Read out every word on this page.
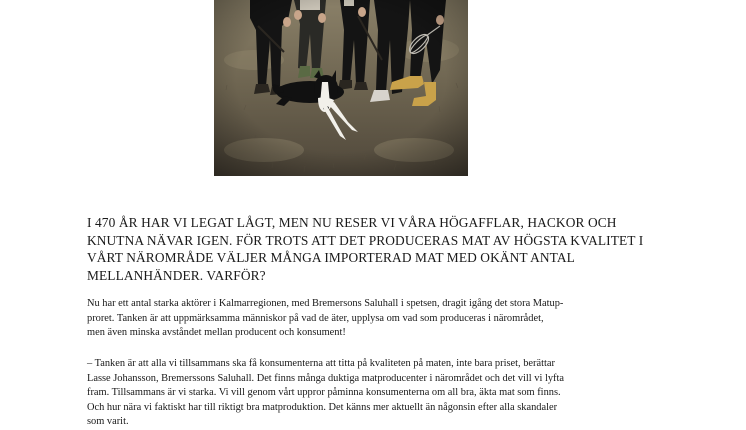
I 470 ÅR HAR VI LEGAT LÅGT, MEN NU RESER VI VÅRA HÖGAFFLAR, HACKOR OCH KNUTNA NÄVAR IGEN. FÖR TROTS ATT DET PRODUCERAS MAT AV HÖGSTA KVALITET I VÅRT NÄROMRÅDE VÄLJER MÅNGA IMPORTERAD MAT MED OKÄNT ANTAL MELLANHÄNDER. VARFÖR?

Nu har ett antal starka aktörer i Kalmarregionen, med Bremersons Saluhall i spetsen, dragit igång det stora Matup-
proret. Tanken är att uppmärksamma människor på vad de äter, upplysa om vad som produceras i närområdet,
men även minska avståndet mellan producent och konsument!

– Tanken är att alla vi tillsammans ska få konsumenterna att titta på kvaliteten på maten, inte bara priset, berättar
Lasse Johansson, Bremerssons Saluhall. Det finns många duktiga matproducenter i närområdet och det vill vi lyfta
fram. Tillsammans är vi starka. Vi vill genom vårt uppror påminna konsumenterna om all bra, äkta mat som finns.
Och hur nära vi faktiskt har till riktigt bra matproduktion. Det känns mer aktuellt än någonsin efter alla skandaler
som varit.
